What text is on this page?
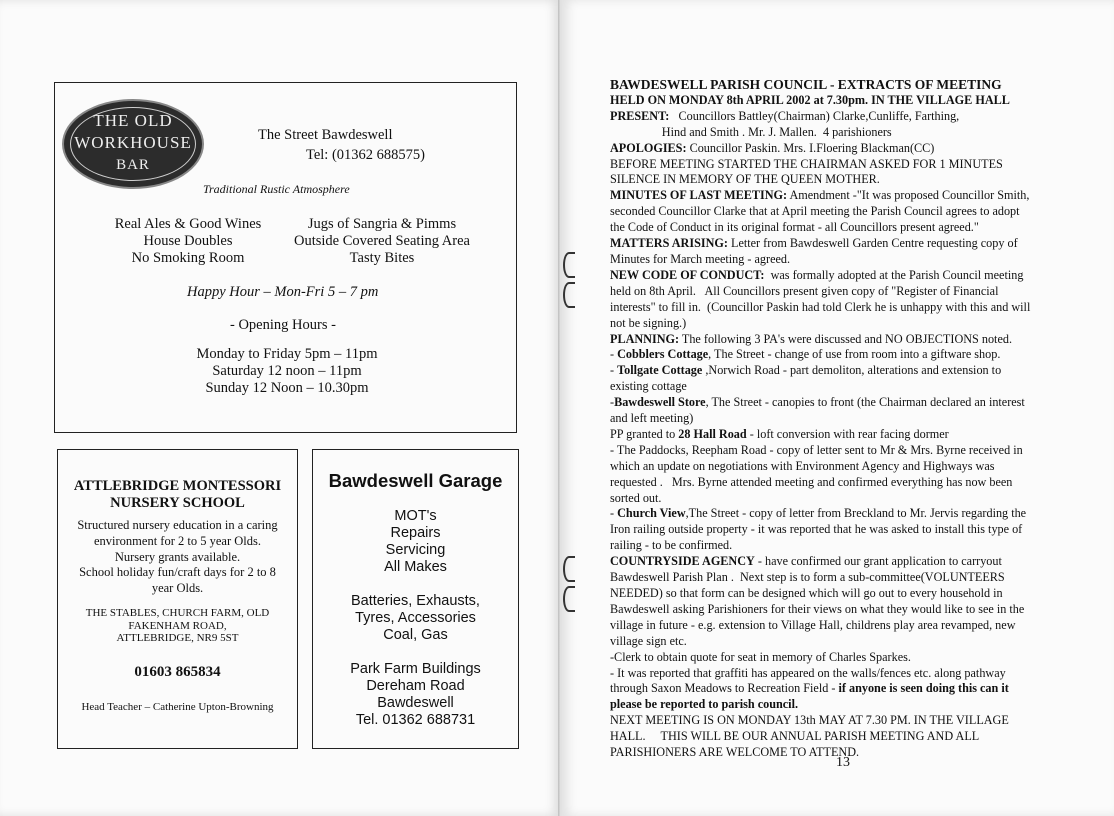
THE OLD
WORKHOUSE
BAR
The Street Bawdeswell
Tel: (01362 688575)
Traditional Rustic Atmosphere
Real Ales & Good Wines
House Doubles
No Smoking Room
Jugs of Sangria & Pimms
Outside Covered Seating Area
Tasty Bites
Happy Hour – Mon-Fri 5 – 7 pm
- Opening Hours -
Monday to Friday 5pm – 11pm
Saturday 12 noon – 11pm
Sunday 12 Noon – 10.30pm
ATTLEBRIDGE MONTESSORI
NURSERY SCHOOL
Structured nursery education in a caring
environment for 2 to 5 year Olds.
Nursery grants available.
School holiday fun/craft days for 2 to 8
year Olds.
THE STABLES, CHURCH FARM, OLD
FAKENHAM ROAD,
ATTLEBRIDGE, NR9 5ST
01603 865834
Head Teacher – Catherine Upton-Browning
Bawdeswell Garage
MOT's
Repairs
Servicing
All Makes
Batteries, Exhausts,
Tyres, Accessories
Coal, Gas
Park Farm Buildings
Dereham Road
Bawdeswell
Tel. 01362 688731
BAWDESWELL PARISH COUNCIL - EXTRACTS OF MEETING
HELD ON MONDAY 8th APRIL 2002 at 7.30pm. IN THE VILLAGE HALL
PRESENT:   Councillors Battley(Chairman) Clarke,Cunliffe, Farthing,
Hind and Smith . Mr. J. Mallen.  4 parishioners
APOLOGIES: Councillor Paskin. Mrs. I.Floering Blackman(CC)
BEFORE MEETING STARTED THE CHAIRMAN ASKED FOR 1 MINUTES
SILENCE IN MEMORY OF THE QUEEN MOTHER.
MINUTES OF LAST MEETING: Amendment -"It was proposed Councillor Smith,
seconded Councillor Clarke that at April meeting the Parish Council agrees to adopt
the Code of Conduct in its original format - all Councillors present agreed."
MATTERS ARISING: Letter from Bawdeswell Garden Centre requesting copy of
Minutes for March meeting - agreed.
NEW CODE OF CONDUCT:  was formally adopted at the Parish Council meeting
held on 8th April.   All Councillors present given copy of "Register of Financial
interests" to fill in.  (Councillor Paskin had told Clerk he is unhappy with this and will
not be signing.)
PLANNING: The following 3 PA's were discussed and NO OBJECTIONS noted.
- Cobblers Cottage, The Street - change of use from room into a giftware shop.
- Tollgate Cottage ,Norwich Road - part demoliton, alterations and extension to
existing cottage
-Bawdeswell Store, The Street - canopies to front (the Chairman declared an interest
and left meeting)
PP granted to 28 Hall Road - loft conversion with rear facing dormer
- The Paddocks, Reepham Road - copy of letter sent to Mr & Mrs. Byrne received in
which an update on negotiations with Environment Agency and Highways was
requested .   Mrs. Byrne attended meeting and confirmed everything has now been
sorted out.
- Church View,The Street - copy of letter from Breckland to Mr. Jervis regarding the
Iron railing outside property - it was reported that he was asked to install this type of
railing - to be confirmed.
COUNTRYSIDE AGENCY - have confirmed our grant application to carryout
Bawdeswell Parish Plan .  Next step is to form a sub-committee(VOLUNTEERS
NEEDED) so that form can be designed which will go out to every household in
Bawdeswell asking Parishioners for their views on what they would like to see in the
village in future - e.g. extension to Village Hall, childrens play area revamped, new
village sign etc.
-Clerk to obtain quote for seat in memory of Charles Sparkes.
- It was reported that graffiti has appeared on the walls/fences etc. along pathway
through Saxon Meadows to Recreation Field - if anyone is seen doing this can it
please be reported to parish council.
NEXT MEETING IS ON MONDAY 13th MAY AT 7.30 PM. IN THE VILLAGE
HALL.     THIS WILL BE OUR ANNUAL PARISH MEETING AND ALL
PARISHIONERS ARE WELCOME TO ATTEND.
13
